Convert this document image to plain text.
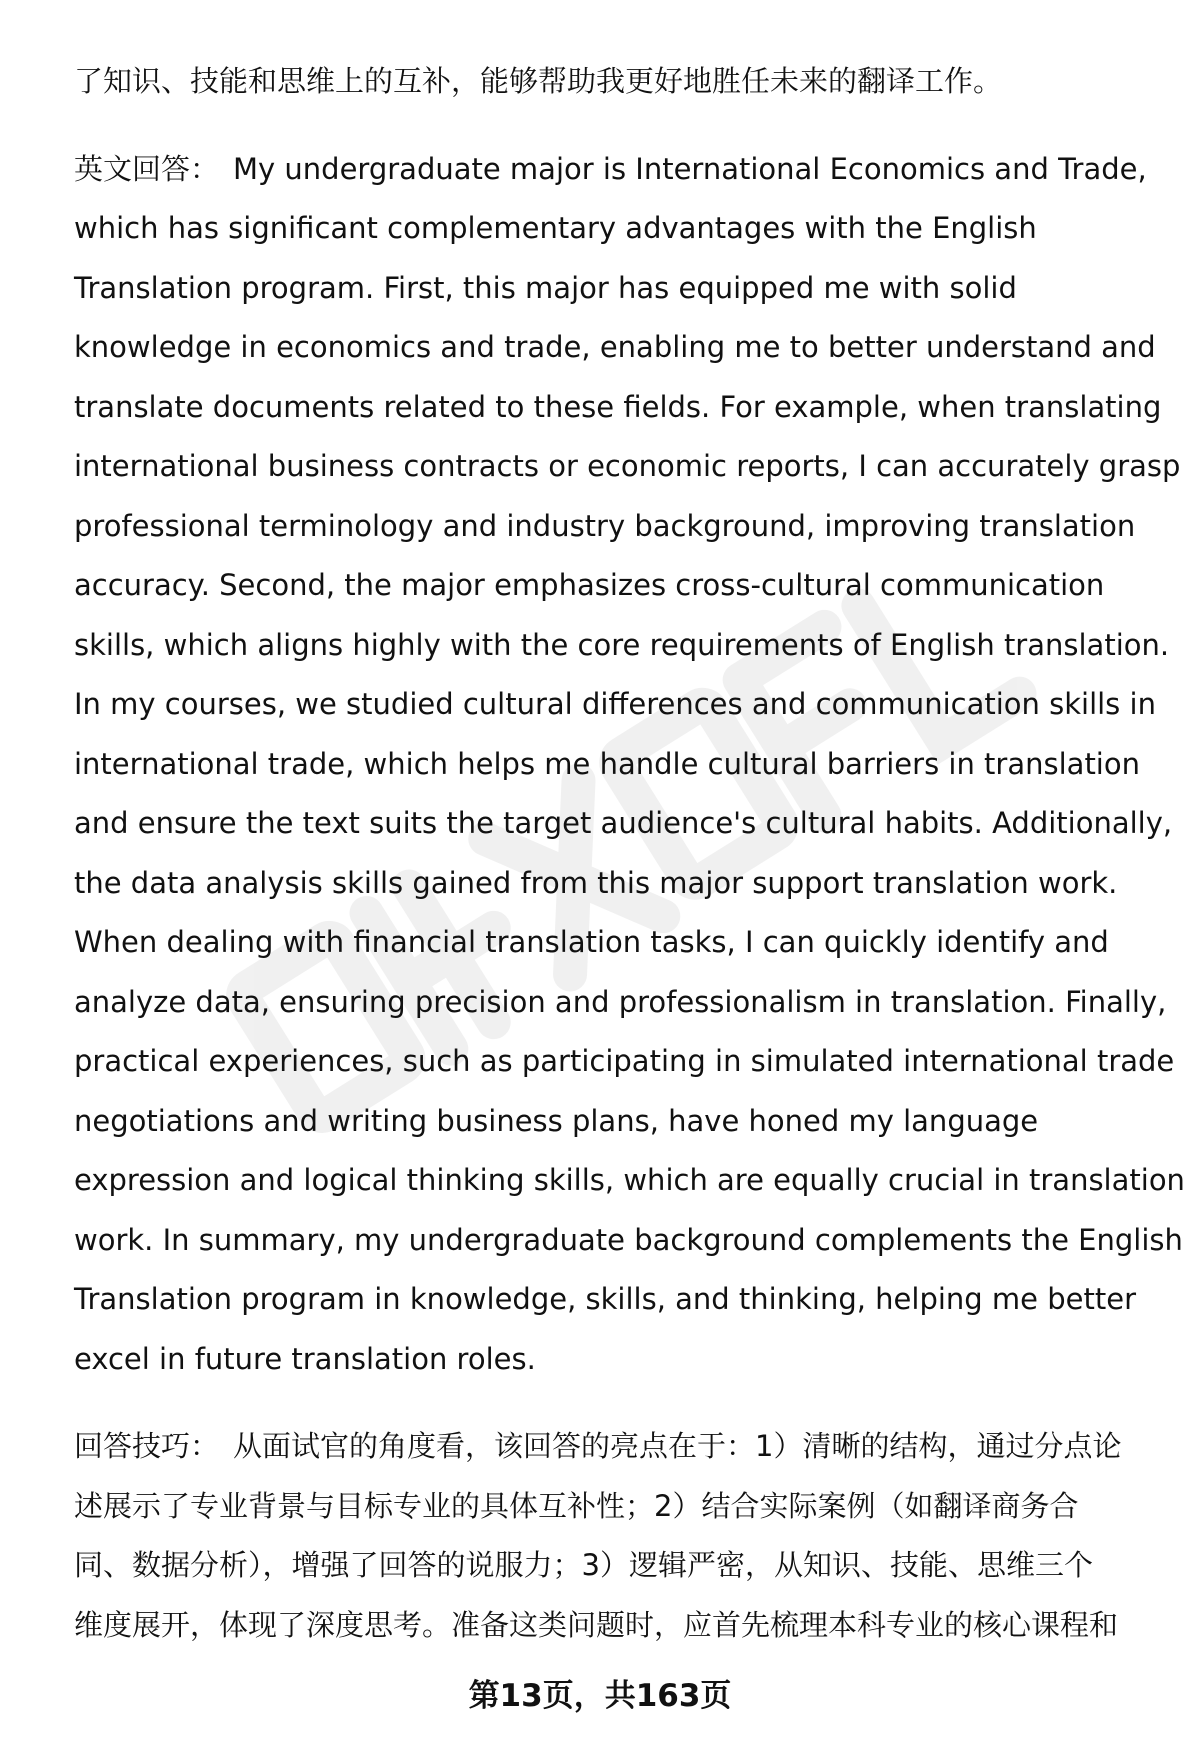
了知识、技能和思维上的互补，能够帮助我更好地胜任未来的翻译工作。

英文回答： My undergraduate major is International Economics and Trade,
which has significant complementary advantages with the English
Translation program. First, this major has equipped me with solid
knowledge in economics and trade, enabling me to better understand and
translate documents related to these fields. For example, when translating
international business contracts or economic reports, I can accurately grasp
professional terminology and industry background, improving translation
accuracy. Second, the major emphasizes cross-cultural communication
skills, which aligns highly with the core requirements of English translation.
In my courses, we studied cultural differences and communication skills in
international trade, which helps me handle cultural barriers in translation
and ensure the text suits the target audience's cultural habits. Additionally,
the data analysis skills gained from this major support translation work.
When dealing with financial translation tasks, I can quickly identify and
analyze data, ensuring precision and professionalism in translation. Finally,
practical experiences, such as participating in simulated international trade
negotiations and writing business plans, have honed my language
expression and logical thinking skills, which are equally crucial in translation
work. In summary, my undergraduate background complements the English
Translation program in knowledge, skills, and thinking, helping me better
excel in future translation roles.

回答技巧： 从面试官的角度看，该回答的亮点在于：1）清晰的结构，通过分点论
述展示了专业背景与目标专业的具体互补性；2）结合实际案例（如翻译商务合
同、数据分析），增强了回答的说服力；3）逻辑严密，从知识、技能、思维三个
维度展开，体现了深度思考。准备这类问题时，应首先梳理本科专业的核心课程和

第13页，共163页
